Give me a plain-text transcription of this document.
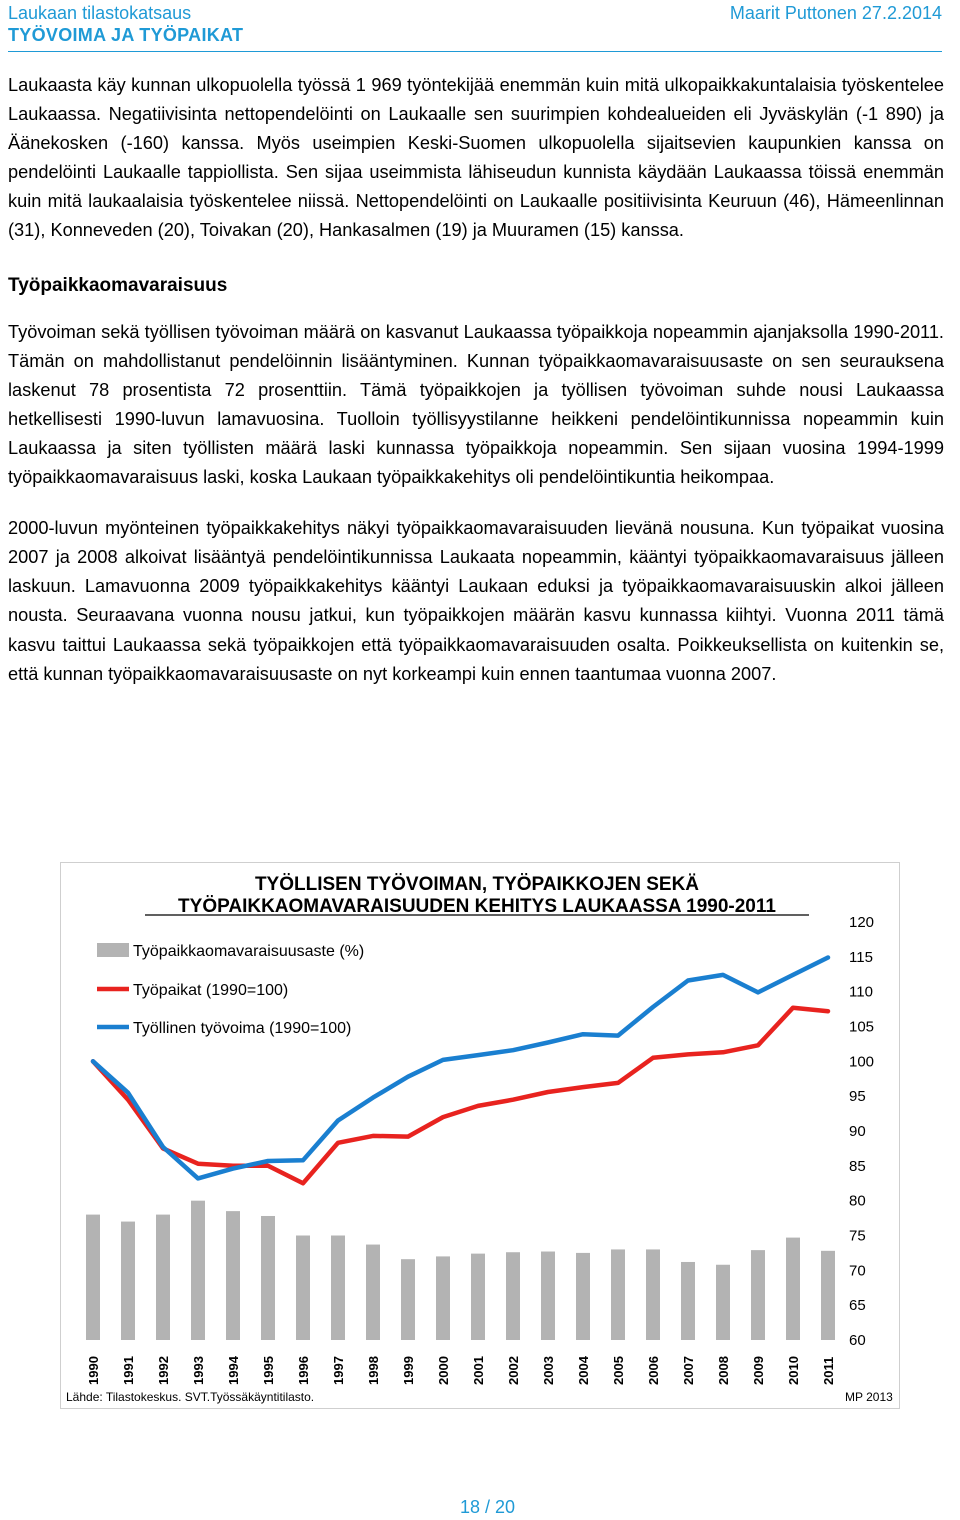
Laukaan tilastokatsaus	Maarit Puttonen 27.2.2014
TYÖVOIMA JA TYÖPAIKAT

Laukaasta käy kunnan ulkopuolella työssä 1 969 työntekijää enemmän kuin mitä ulkopaikkakuntalaisia työskentelee Laukaassa. Negatiivisinta nettopendelöinti on Laukaalle sen suurimpien kohdealueiden eli Jyväskylän (-1 890) ja Äänekosken (-160) kanssa. Myös useimpien Keski-Suomen ulkopuolella sijaitsevien kaupunkien kanssa on pendelöinti Laukaalle tappiollista. Sen sijaa useimmista lähiseudun kunnista käydään Laukaassa töissä enemmän kuin mitä laukaalaisia työskentelee niissä. Nettopendelöinti on Laukaalle positiivisinta Keuruun (46), Hämeenlinnan (31), Konneveden (20), Toivakan (20), Hankasalmen (19) ja Muuramen (15) kanssa.

Työpaikkaomavaraisuus

Työvoiman sekä työllisen työvoiman määrä on kasvanut Laukaassa työpaikkoja nopeammin ajanjaksolla 1990-2011. Tämän on mahdollistanut pendelöinnin lisääntyminen. Kunnan työpaikkaomavaraisuusaste on sen seurauksena laskenut 78 prosentista 72 prosenttiin. Tämä työpaikkojen ja työllisen työvoiman suhde nousi Laukaassa hetkellisesti 1990-luvun lamavuosina. Tuolloin työllisyystilanne heikkeni pendelöintikunnissa nopeammin kuin Laukaassa ja siten työllisten määrä laski kunnassa työpaikkoja nopeammin. Sen sijaan vuosina 1994-1999 työpaikkaomavaraisuus laski, koska Laukaan työpaikkakehitys oli pendelöintikuntia heikompaa.

2000-luvun myönteinen työpaikkakehitys näkyi työpaikkaomavaraisuuden lievänä nousuna. Kun työpaikat vuosina 2007 ja 2008 alkoivat lisääntyä pendelöintikunnissa Laukaata nopeammin, kääntyi työpaikkaomavaraisuus jälleen laskuun. Lamavuonna 2009 työpaikkakehitys kääntyi Laukaan eduksi ja työpaikkaomavaraisuuskin alkoi jälleen nousta. Seuraavana vuonna nousu jatkui, kun työpaikkojen määrän kasvu kunnassa kiihtyi. Vuonna 2011 tämä kasvu taittui Laukaassa sekä työpaikkojen että työpaikkaomavaraisuuden osalta. Poikkeuksellista on kuitenkin se, että kunnan työpaikkaomavaraisuusaste on nyt korkeampi kuin ennen taantumaa vuonna 2007.

TYÖLLISEN TYÖVOIMAN, TYÖPAIKKOJEN SEKÄ
TYÖPAIKKAOMAVARAISUUDEN KEHITYS LAUKAASSA 1990-2011
60
65
70
75
80
85
90
95
100
105
110
115
120
1990 1991 1992 1993 1994 1995 1996 1997 1998 1999 2000 2001 2002 2003 2004 2005 2006 2007 2008 2009 2010 2011
Työpaikkaomavaraisuusaste (%)
Työpaikat (1990=100)
Työllinen työvoima (1990=100)
Lähde: Tilastokeskus. SVT.Työssäkäyntitilasto.	MP 2013
18 / 20
